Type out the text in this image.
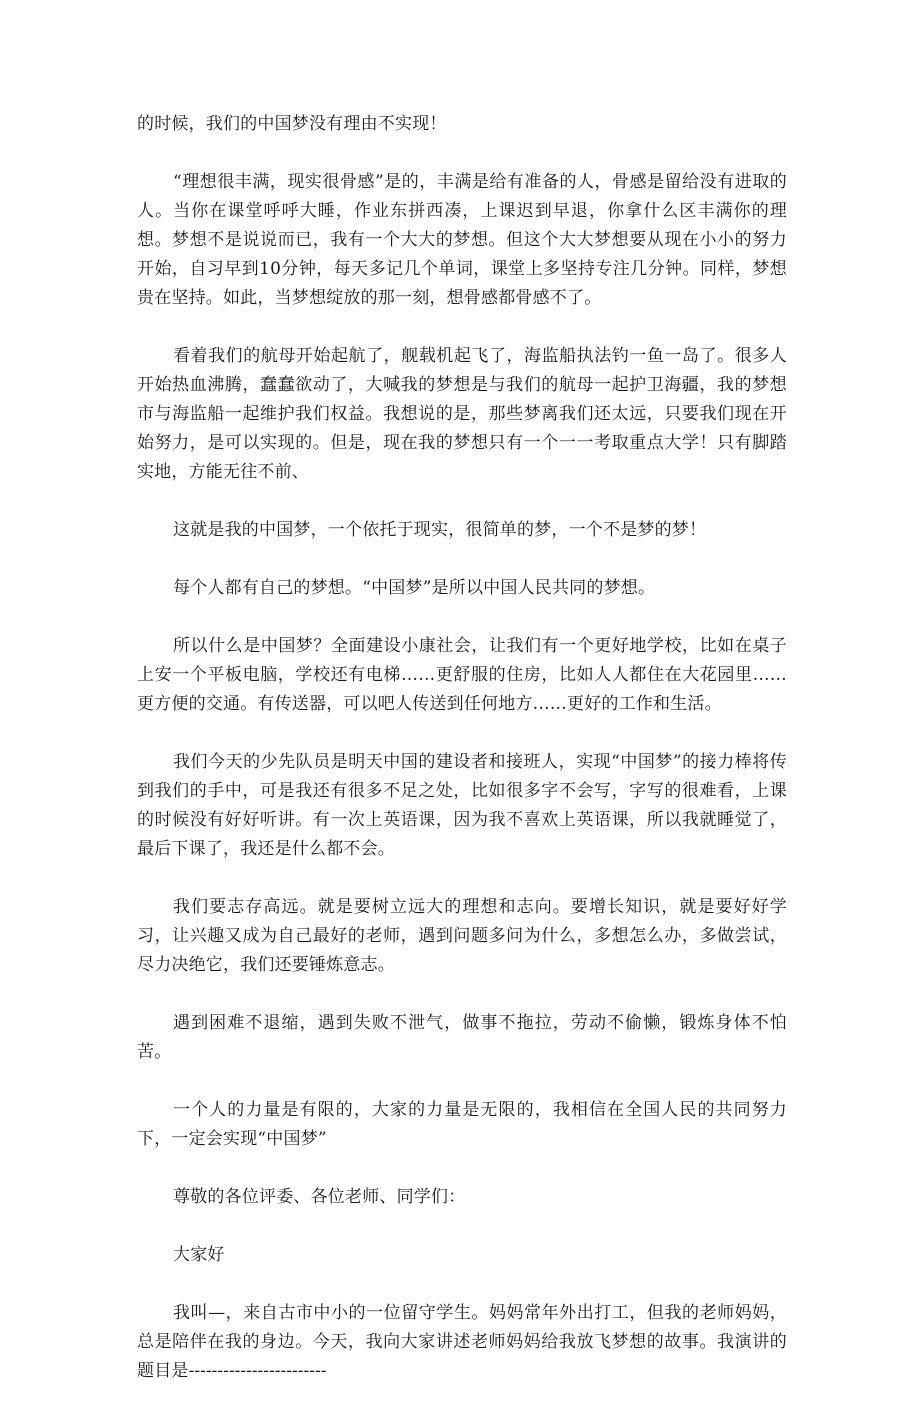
的时候，我们的中国梦没有理由不实现！

“理想很丰满，现实很骨感”是的，丰满是给有准备的人，骨感是留给没有进取的人。当你在课堂呼呼大睡，作业东拼西凑，上课迟到早退，你拿什么区丰满你的理想。梦想不是说说而已，我有一个大大的梦想。但这个大大梦想要从现在小小的努力开始，自习早到10分钟，每天多记几个单词，课堂上多坚持专注几分钟。同样，梦想贵在坚持。如此，当梦想绽放的那一刻，想骨感都骨感不了。

看着我们的航母开始起航了，舰载机起飞了，海监船执法钓一鱼一岛了。很多人开始热血沸腾，蠢蠢欲动了，大喊我的梦想是与我们的航母一起护卫海疆，我的梦想市与海监船一起维护我们权益。我想说的是，那些梦离我们还太远，只要我们现在开始努力，是可以实现的。但是，现在我的梦想只有一个一一考取重点大学！只有脚踏实地，方能无往不前、

这就是我的中国梦，一个依托于现实，很简单的梦，一个不是梦的梦！

每个人都有自己的梦想。“中国梦”是所以中国人民共同的梦想。

所以什么是中国梦？全面建设小康社会，让我们有一个更好地学校，比如在桌子上安一个平板电脑，学校还有电梯……更舒服的住房，比如人人都住在大花园里……更方便的交通。有传送器，可以吧人传送到任何地方……更好的工作和生活。

我们今天的少先队员是明天中国的建设者和接班人，实现“中国梦”的接力棒将传到我们的手中，可是我还有很多不足之处，比如很多字不会写，字写的很难看，上课的时候没有好好听讲。有一次上英语课，因为我不喜欢上英语课，所以我就睡觉了，最后下课了，我还是什么都不会。

我们要志存高远。就是要树立远大的理想和志向。要增长知识，就是要好好学习，让兴趣又成为自己最好的老师，遇到问题多问为什么，多想怎么办，多做尝试，尽力决绝它，我们还要锤炼意志。

遇到困难不退缩，遇到失败不泄气，做事不拖拉，劳动不偷懒，锻炼身体不怕苦。

一个人的力量是有限的，大家的力量是无限的，我相信在全国人民的共同努力下，一定会实现“中国梦”

尊敬的各位评委、各位老师、同学们：

大家好

我叫—，来自古市中小的一位留守学生。妈妈常年外出打工，但我的老师妈妈，总是陪伴在我的身边。今天，我向大家讲述老师妈妈给我放飞梦想的故事。我演讲的题目是------------------------
